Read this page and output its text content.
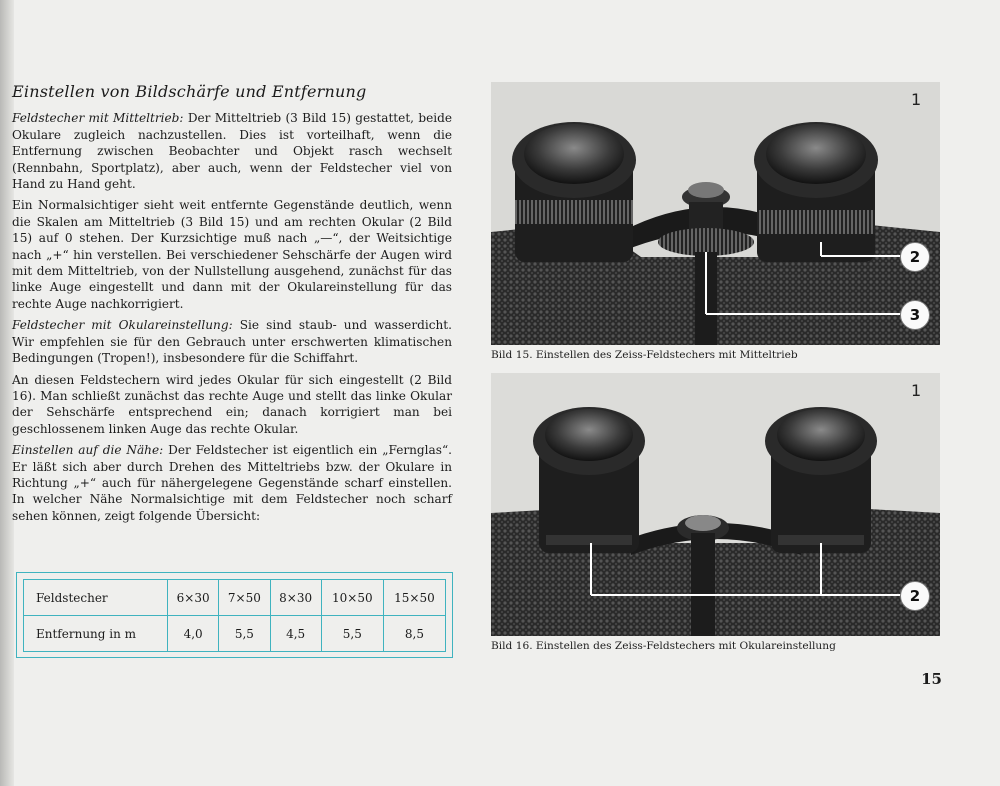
Einstellen von Bildschärfe und Entfernung

Feldstecher mit Mitteltrieb: Der Mitteltrieb (3 Bild 15) gestattet, beide Okulare zugleich nachzustellen. Dies ist vorteilhaft, wenn die Entfernung zwischen Beobachter und Objekt rasch wechselt (Rennbahn, Sportplatz), aber auch, wenn der Feldstecher viel von Hand zu Hand geht.

Ein Normalsichtiger sieht weit entfernte Gegenstände deutlich, wenn die Skalen am Mitteltrieb (3 Bild 15) und am rechten Okular (2 Bild 15) auf 0 stehen. Der Kurzsichtige muß nach „—“, der Weitsichtige nach „+“ hin verstellen. Bei verschiedener Sehschärfe der Augen wird mit dem Mitteltrieb, von der Nullstellung ausgehend, zunächst für das linke Auge eingestellt und dann mit der Okulareinstellung für das rechte Auge nachkorrigiert.

Feldstecher mit Okulareinstellung: Sie sind staub- und wasserdicht. Wir empfehlen sie für den Gebrauch unter erschwerten klimatischen Bedingungen (Tropen!), insbesondere für die Schiffahrt.

An diesen Feldstechern wird jedes Okular für sich eingestellt (2 Bild 16). Man schließt zunächst das rechte Auge und stellt das linke Okular der Sehschärfe entsprechend ein; danach korrigiert man bei geschlossenem linken Auge das rechte Okular.

Einstellen auf die Nähe: Der Feldstecher ist eigentlich ein „Fernglas“. Er läßt sich aber durch Drehen des Mitteltriebs bzw. der Okulare in Richtung „+“ auch für nähergelegene Gegenstände scharf einstellen. In welcher Nähe Normalsichtige mit dem Feldstecher noch scharf sehen können, zeigt folgende Übersicht:

Feldstecher	6×30	7×50	8×30	10×50	15×50
Entfernung in m	4,0	5,5	4,5	5,5	8,5
1
2
3
Bild 15. Einstellen des Zeiss-Feldstechers mit Mitteltrieb
1
2
Bild 16. Einstellen des Zeiss-Feldstechers mit Okulareinstellung
15
